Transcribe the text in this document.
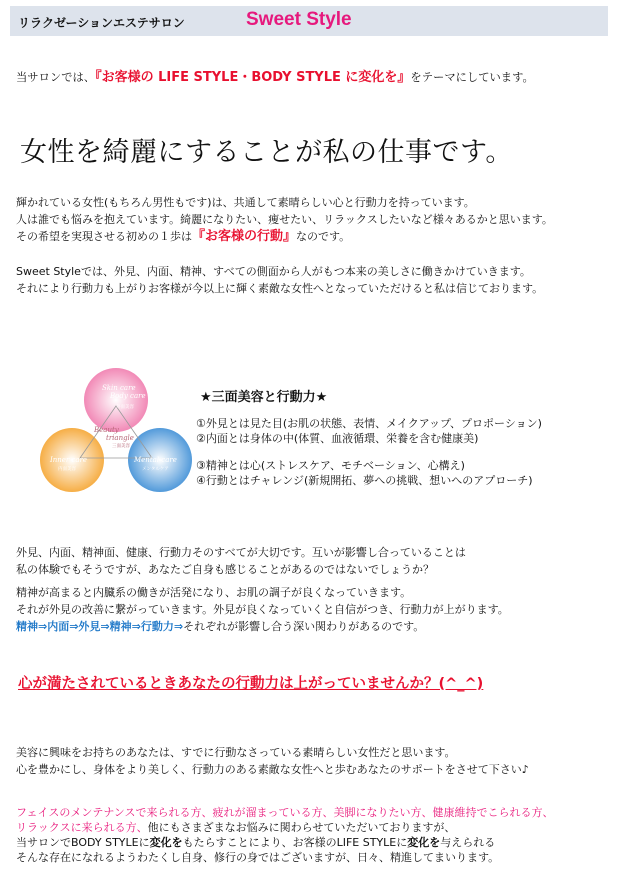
リラクゼーションエステサロン	Sweet Style
当サロンでは、『お客様の LIFE STYLE・BODY STYLE に変化を』をテーマにしています。
女性を綺麗にすることが私の仕事です。
輝かれている女性(もちろん男性もです)は、共通して素晴らしい心と行動力を持っています。
人は誰でも悩みを抱えています。綺麗になりたい、痩せたい、リラックスしたいなど様々あるかと思います。
その希望を実現させる初めの１歩は『お客様の行動』なのです。
Sweet Styleでは、外見、内面、精神、すべての側面から人がもつ本来の美しさに働きかけていきます。
それにより行動力も上がりお客様が今以上に輝く素敵な女性へとなっていただけると私は信じております。
Skin care
Body care
外面美容
Beauty
triangle
三面美容
Inner care
内面美容
Mental care
メンタルケア
★三面美容と行動力★
①外見とは見た目(お肌の状態、表情、メイクアップ、プロポーション)
②内面とは身体の中(体質、血液循環、栄養を含む健康美)
③精神とは心(ストレスケア、モチベーション、心構え)
④行動とはチャレンジ(新規開拓、夢への挑戦、想いへのアプローチ)
外見、内面、精神面、健康、行動力そのすべてが大切です。互いが影響し合っていることは
私の体験でもそうですが、あなたご自身も感じることがあるのではないでしょうか？
精神が高まると内臓系の働きが活発になり、お肌の調子が良くなっていきます。
それが外見の改善に繋がっていきます。外見が良くなっていくと自信がつき、行動力が上がります。
精神⇒内面⇒外見⇒精神⇒行動力⇒それぞれが影響し合う深い関わりがあるのです。
心が満たされているときあなたの行動力は上がっていませんか？(^_^)
美容に興味をお持ちのあなたは、すでに行動なさっている素晴らしい女性だと思います。
心を豊かにし、身体をより美しく、行動力のある素敵な女性へと歩むあなたのサポートをさせて下さい♪
フェイスのメンテナンスで来られる方、疲れが溜まっている方、美脚になりたい方、健康維持でこられる方、
リラックスに来られる方、他にもさまざまなお悩みに関わらせていただいておりますが、
当サロンでBODY STYLEに変化をもたらすことにより、お客様のLIFE STYLEに変化を与えられる
そんな存在になれるようわたくし自身、修行の身ではございますが、日々、精進してまいります。
